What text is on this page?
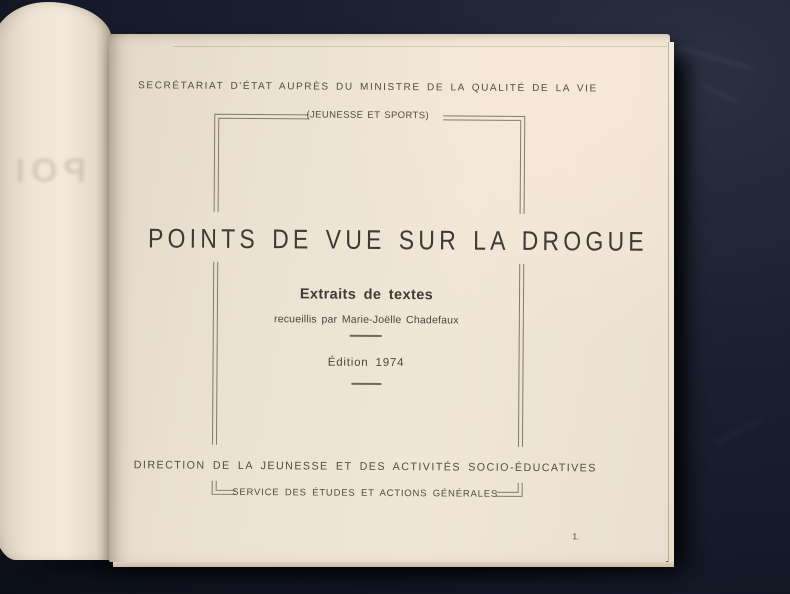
POI
SECRÉTARIAT D'ÉTAT AUPRÈS DU MINISTRE DE LA QUALITÉ DE LA VIE
(JEUNESSE ET SPORTS)
POINTS DE VUE SUR LA DROGUE
Extraits de textes
recueillis par Marie-Joëlle Chadefaux
Édition 1974
DIRECTION DE LA JEUNESSE ET DES ACTIVITÉS SOCIO-ÉDUCATIVES
SERVICE DES ÉTUDES ET ACTIONS GÉNÉRALES
1.
